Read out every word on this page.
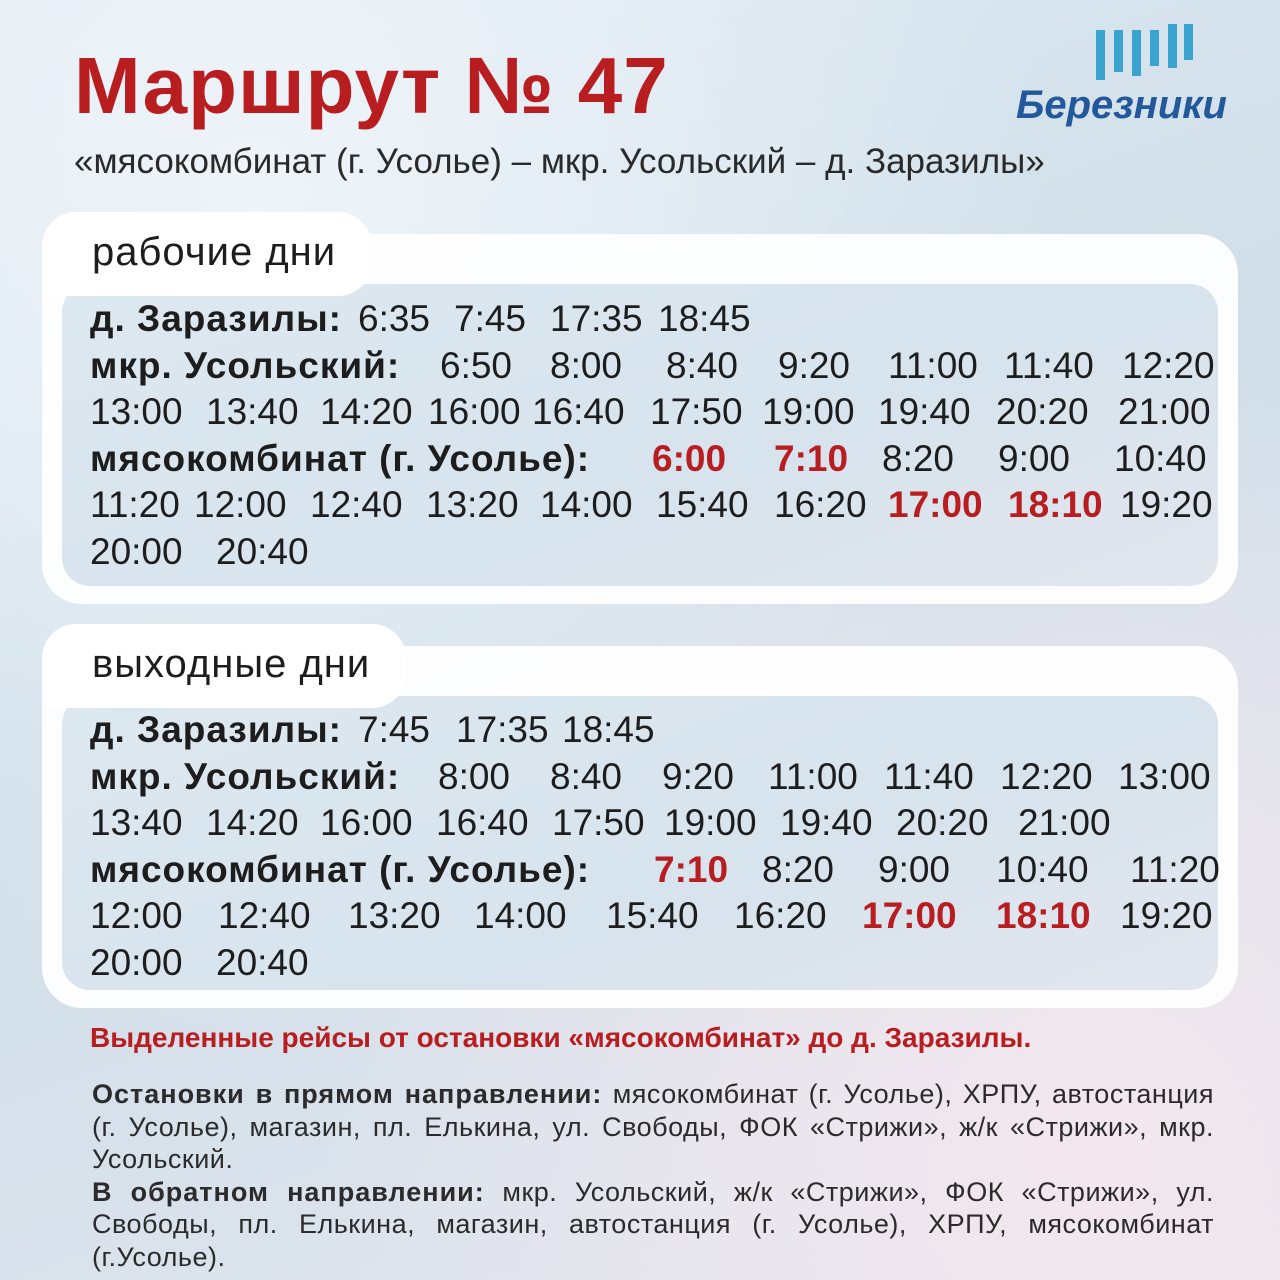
Маршрут № 47
«мясокомбинат (г. Усолье) – мкр. Усольский – д. Заразилы»
Березники
рабочие дни
д. Заразилы: 6:35 7:45 17:35 18:45
мкр. Усольский: 6:50 8:00 8:40 9:20 11:00 11:40 12:20
13:00 13:40 14:20 16:00 16:40 17:50 19:00 19:40 20:20 21:00
мясокомбинат (г. Усолье): 6:00 7:10 8:20 9:00 10:40
11:20 12:00 12:40 13:20 14:00 15:40 16:20 17:00 18:10 19:20
20:00 20:40
выходные дни
д. Заразилы: 7:45 17:35 18:45
мкр. Усольский: 8:00 8:40 9:20 11:00 11:40 12:20 13:00
13:40 14:20 16:00 16:40 17:50 19:00 19:40 20:20 21:00
мясокомбинат (г. Усолье): 7:10 8:20 9:00 10:40 11:20
12:00 12:40 13:20 14:00 15:40 16:20 17:00 18:10 19:20
20:00 20:40
Выделенные рейсы от остановки «мясокомбинат» до д. Заразилы.

Остановки в прямом направлении: мясокомбинат (г. Усолье), ХРПУ, автостанция (г. Усолье), магазин, пл. Елькина, ул. Свободы, ФОК «Стрижи», ж/к «Стрижи», мкр. Усольский.

В обратном направлении: мкр. Усольский, ж/к «Стрижи», ФОК «Стрижи», ул. Свободы, пл. Елькина, магазин, автостанция (г. Усолье), ХРПУ, мясокомбинат (г.Усолье).
